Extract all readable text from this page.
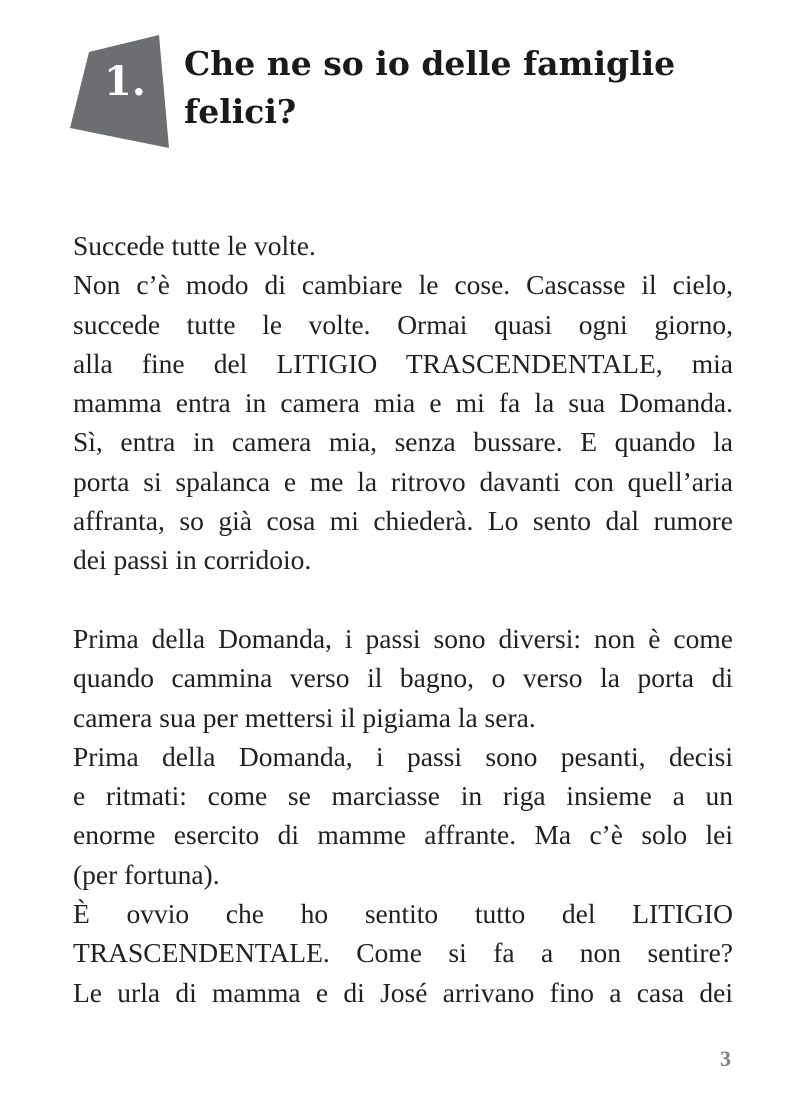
1. Che ne so io delle famiglie
felici?
Succede tutte le volte.
Non c’è modo di cambiare le cose. Cascasse il cielo,
succede tutte le volte. Ormai quasi ogni giorno,
alla fine del LITIGIO TRASCENDENTALE, mia
mamma entra in camera mia e mi fa la sua Domanda.
Sì, entra in camera mia, senza bussare. E quando la
porta si spalanca e me la ritrovo davanti con quell’aria
affranta, so già cosa mi chiederà. Lo sento dal rumore
dei passi in corridoio.
Prima della Domanda, i passi sono diversi: non è come
quando cammina verso il bagno, o verso la porta di
camera sua per mettersi il pigiama la sera.
Prima della Domanda, i passi sono pesanti, decisi
e ritmati: come se marciasse in riga insieme a un
enorme esercito di mamme affrante. Ma c’è solo lei
(per fortuna).
È ovvio che ho sentito tutto del LITIGIO
TRASCENDENTALE. Come si fa a non sentire?
Le urla di mamma e di José arrivano fino a casa dei
3
